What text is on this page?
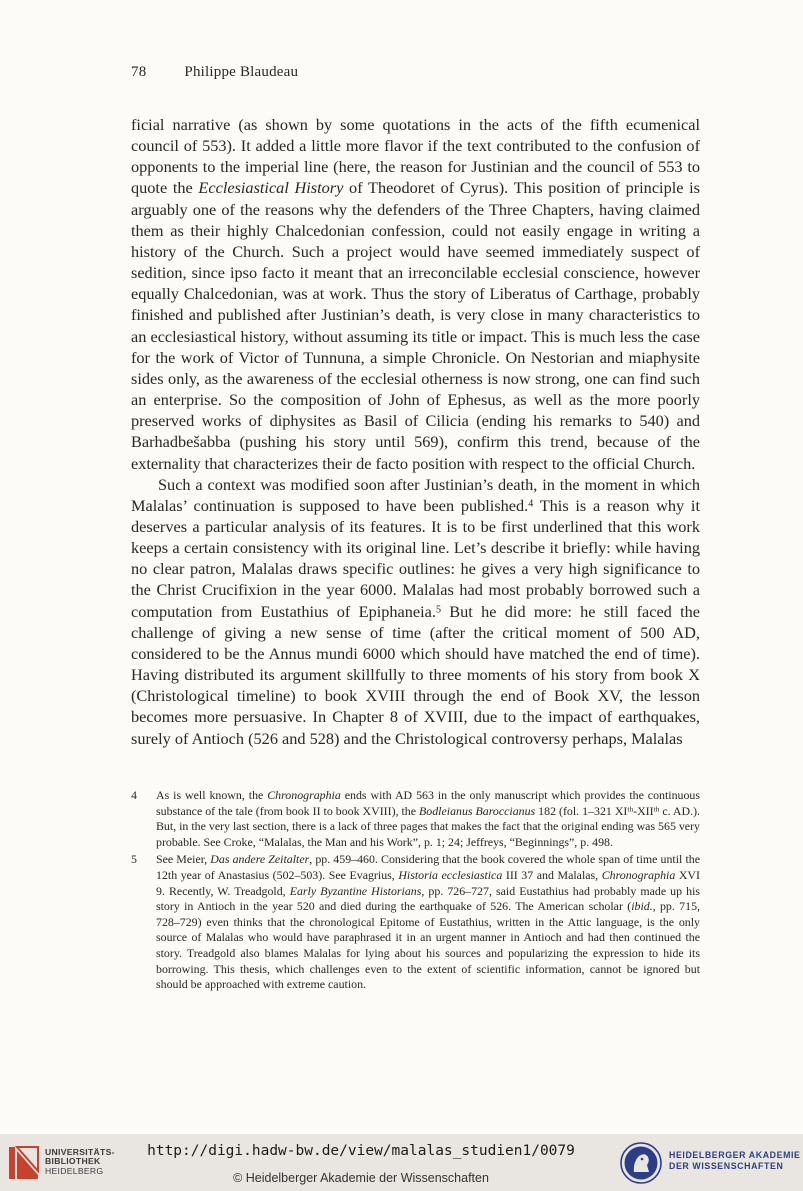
78	Philippe Blaudeau

ficial narrative (as shown by some quotations in the acts of the fifth ecumenical council of 553). It added a little more flavor if the text contributed to the confusion of opponents to the imperial line (here, the reason for Justinian and the council of 553 to quote the Ecclesiastical History of Theodoret of Cyrus). This position of principle is arguably one of the reasons why the defenders of the Three Chapters, having claimed them as their highly Chalcedonian confession, could not easily engage in writing a history of the Church. Such a project would have seemed immediately suspect of sedition, since ipso facto it meant that an irreconcilable ecclesial conscience, however equally Chalcedonian, was at work. Thus the story of Liberatus of Carthage, probably finished and published after Justinian’s death, is very close in many characteristics to an ecclesiastical history, without assuming its title or impact. This is much less the case for the work of Victor of Tunnuna, a simple Chronicle. On Nestorian and miaphysite sides only, as the awareness of the ecclesial otherness is now strong, one can find such an enterprise. So the composition of John of Ephesus, as well as the more poorly preserved works of diphysites as Basil of Cilicia (ending his remarks to 540) and Barhadbešabba (pushing his story until 569), confirm this trend, because of the externality that characterizes their de facto position with respect to the official Church.

Such a context was modified soon after Justinian’s death, in the moment in which Malalas’ continuation is supposed to have been published.$^4$ This is a reason why it deserves a particular analysis of its features. It is to be first underlined that this work keeps a certain consistency with its original line. Let’s describe it briefly: while having no clear patron, Malalas draws specific outlines: he gives a very high significance to the Christ Crucifixion in the year 6000. Malalas had most probably borrowed such a computation from Eustathius of Epiphaneia.$^5$ But he did more: he still faced the challenge of giving a new sense of time (after the critical moment of 500 AD, considered to be the Annus mundi 6000 which should have matched the end of time). Having distributed its argument skillfully to three moments of his story from book X (Christological timeline) to book XVIII through the end of Book XV, the lesson becomes more persuasive. In Chapter 8 of XVIII, due to the impact of earthquakes, surely of Antioch (526 and 528) and the Christological controversy perhaps, Malalas

4 As is well known, the Chronographia ends with AD 563 in the only manuscript which provides the continuous substance of the tale (from book II to book XVIII), the Bodleianus Baroccianus 182 (fol. 1–321 XIth-XIIth c. AD.). But, in the very last section, there is a lack of three pages that makes the fact that the original ending was 565 very probable. See Croke, “Malalas, the Man and his Work”, p. 1; 24; Jeffreys, “Beginnings”, p. 498.
5 See Meier, Das andere Zeitalter, pp. 459–460. Considering that the book covered the whole span of time until the 12th year of Anastasius (502–503). See Evagrius, Historia ecclesiastica III 37 and Malalas, Chronographia XVI 9. Recently, W. Treadgold, Early Byzantine Historians, pp. 726–727, said Eustathius had probably made up his story in Antioch in the year 520 and died during the earthquake of 526. The American scholar (ibid., pp. 715, 728–729) even thinks that the chronological Epitome of Eustathius, written in the Attic language, is the only source of Malalas who would have paraphrased it in an urgent manner in Antioch and had then continued the story. Treadgold also blames Malalas for lying about his sources and popularizing the expression to hide its borrowing. This thesis, which challenges even to the extent of scientific information, cannot be ignored but should be approached with extreme caution.
UNIVERSITÄTS-
BIBLIOTHEK
HEIDELBERG
http://digi.hadw-bw.de/view/malalas_studien1/0079
© Heidelberger Akademie der Wissenschaften
HEIDELBERGER AKADEMIE
DER WISSENSCHAFTEN
